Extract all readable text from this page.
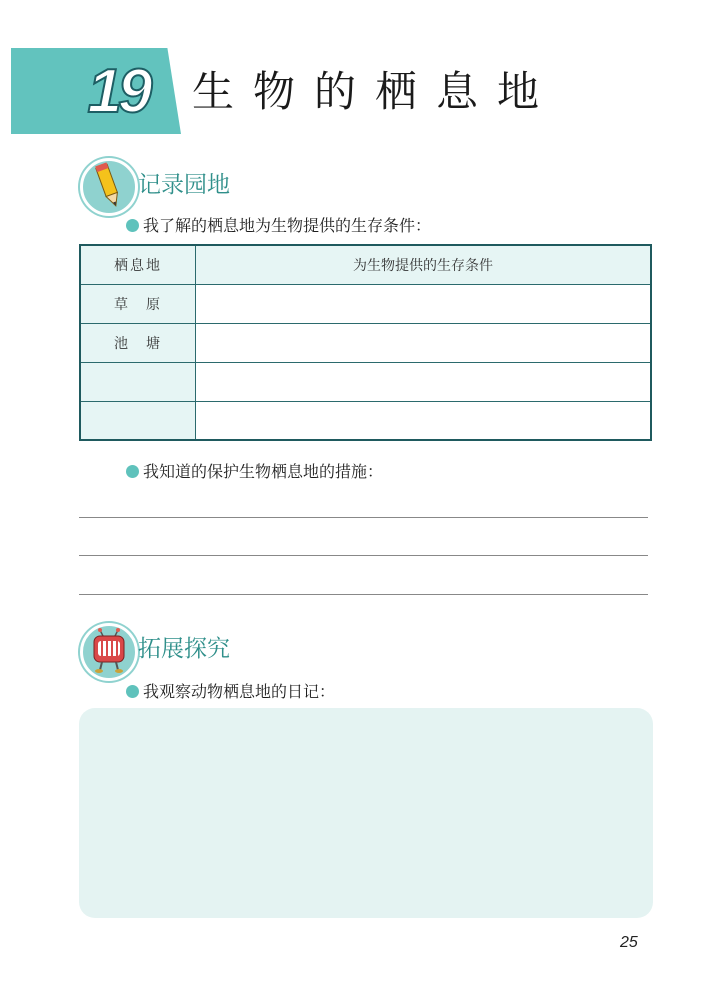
19 生物的栖息地
记录园地
我了解的栖息地为生物提供的生存条件：
栖息地	为生物提供的生存条件
草　原	
池　塘	

我知道的保护生物栖息地的措施：
拓展探究
我观察动物栖息地的日记：
25
